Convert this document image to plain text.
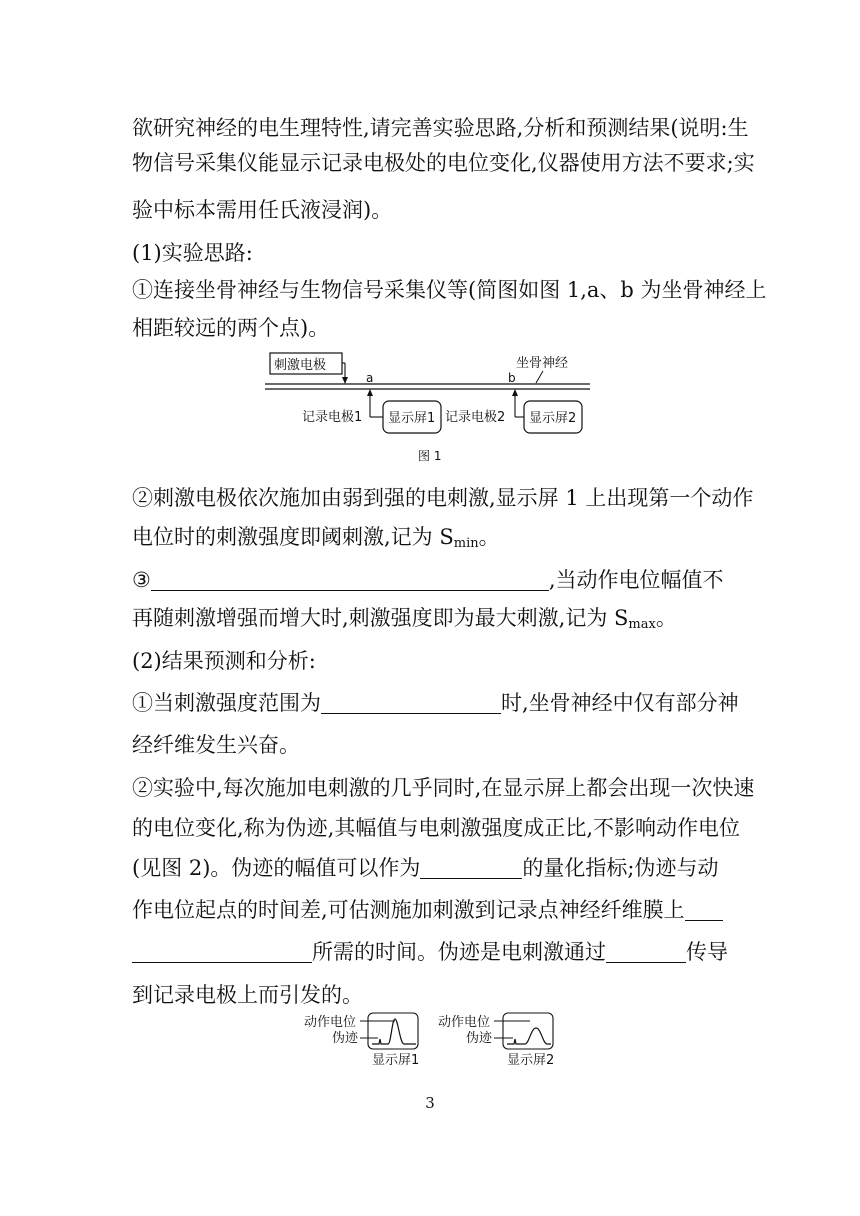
欲研究神经的电生理特性,请完善实验思路,分析和预测结果(说明:生
物信号采集仪能显示记录电极处的电位变化,仪器使用方法不要求;实
验中标本需用任氏液浸润)。
(1)实验思路:
①连接坐骨神经与生物信号采集仪等(简图如图 1,a、b 为坐骨神经上
相距较远的两个点)。
刺激电极	坐骨神经
a	b
记录电极1 显示屏1 记录电极2 显示屏2
图 1
②刺激电极依次施加由弱到强的电刺激,显示屏 1 上出现第一个动作
电位时的刺激强度即阈刺激,记为 $S_{min}$。
③	,当动作电位幅值不
再随刺激增强而增大时,刺激强度即为最大刺激,记为 $S_{max}$。
(2)结果预测和分析:
①当刺激强度范围为	时,坐骨神经中仅有部分神
经纤维发生兴奋。
②实验中,每次施加电刺激的几乎同时,在显示屏上都会出现一次快速
的电位变化,称为伪迹,其幅值与电刺激强度成正比,不影响动作电位
(见图 2)。伪迹的幅值可以作为	的量化指标;伪迹与动
作电位起点的时间差,可估测施加刺激到记录点神经纤维膜上
所需的时间。伪迹是电刺激通过	传导
到记录电极上而引发的。
动作电位
伪迹
显示屏1
动作电位
伪迹
显示屏2
3
